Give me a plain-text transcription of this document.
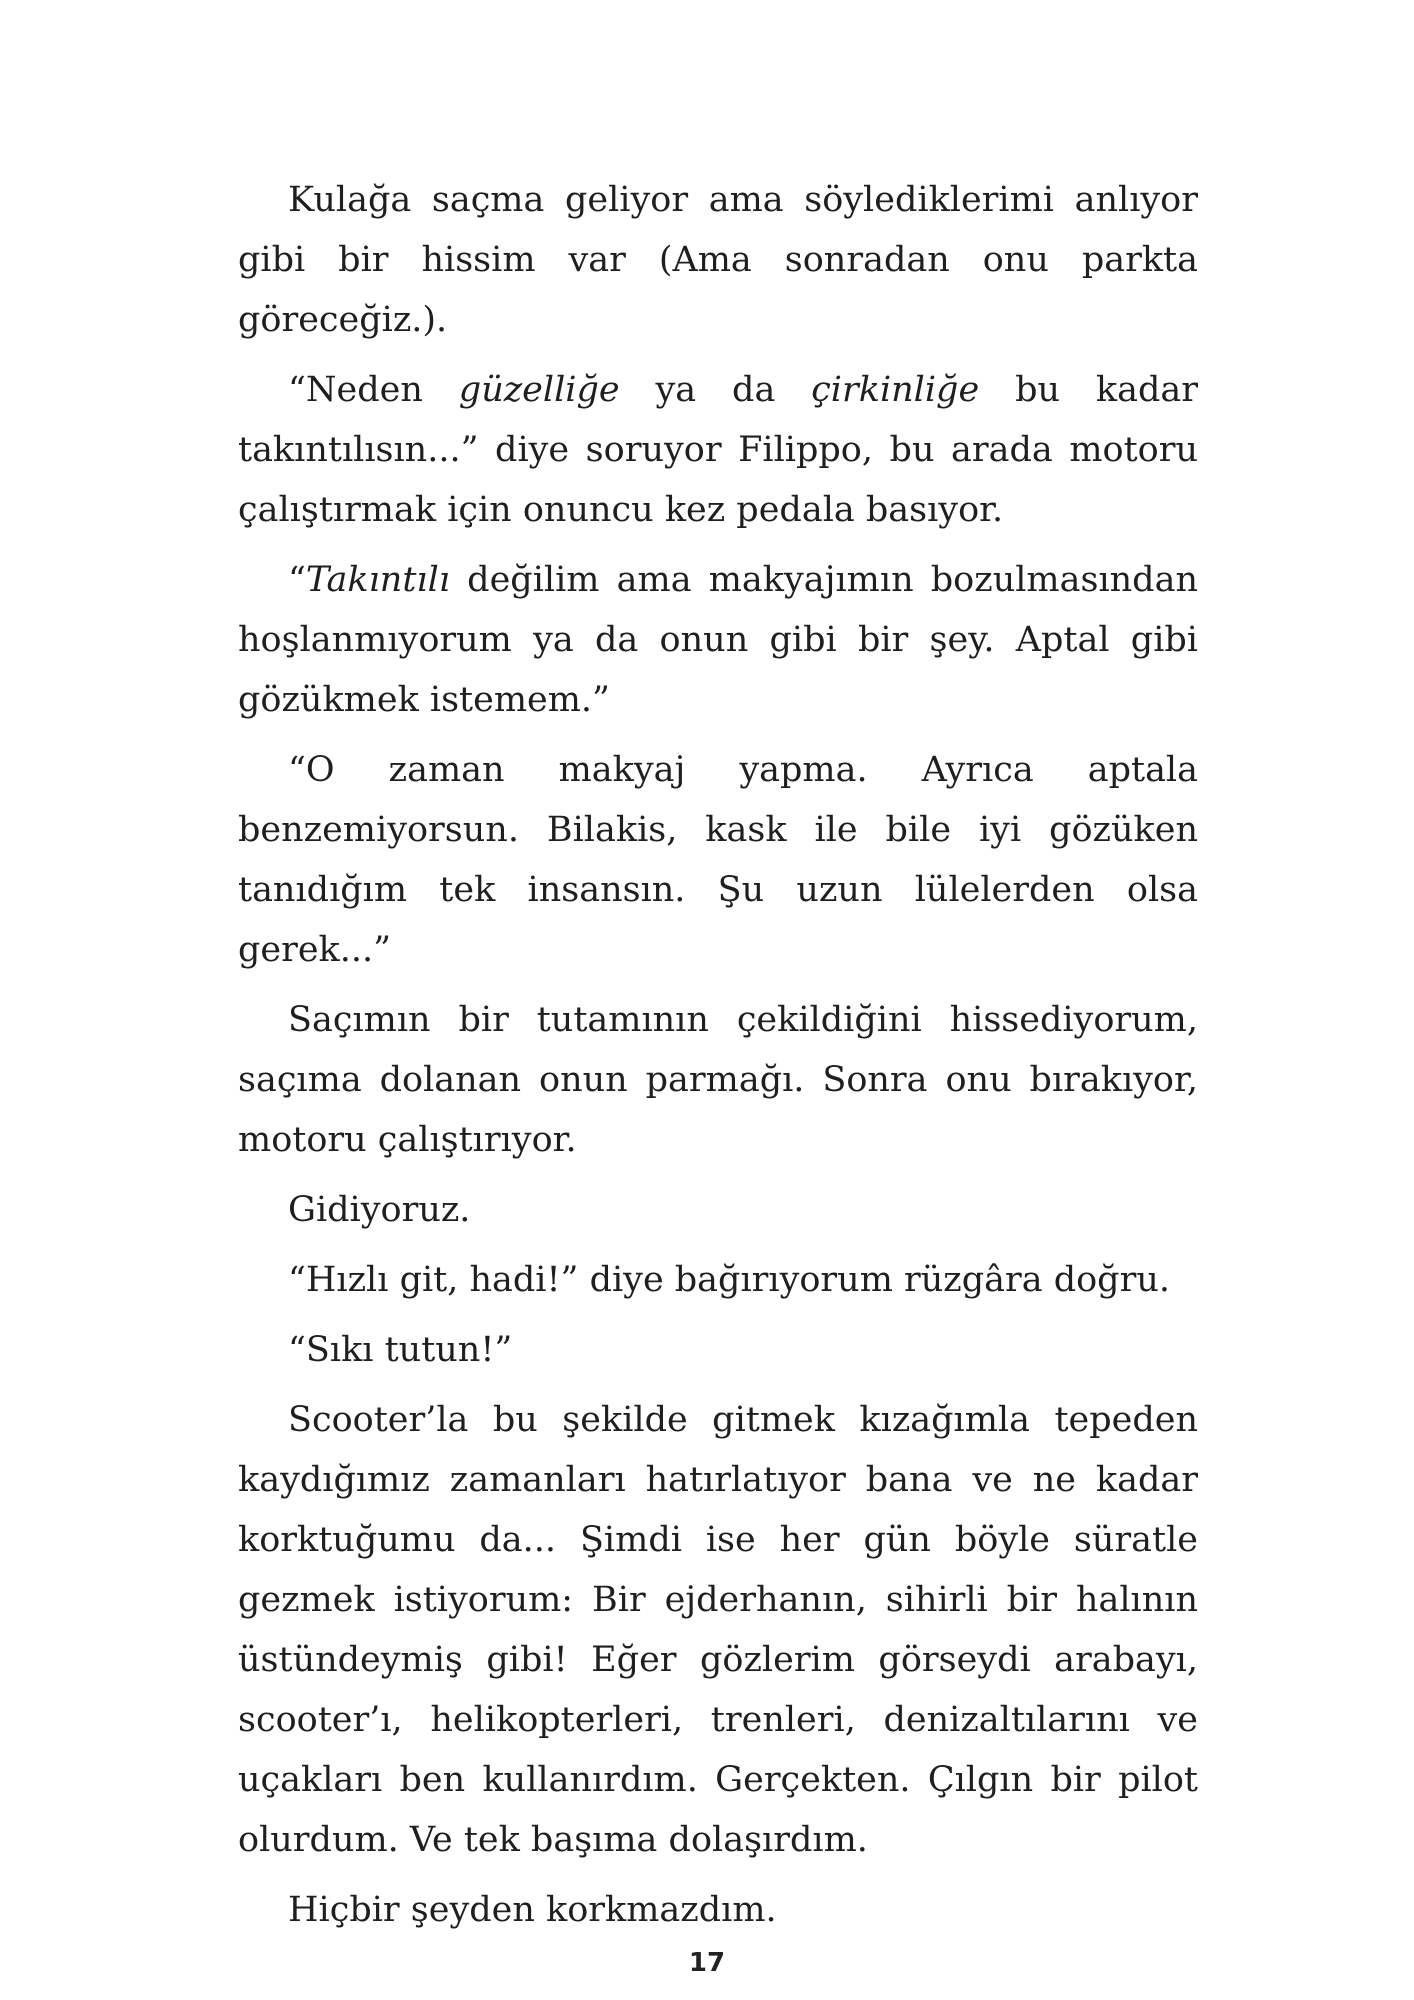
Kulağa saçma geliyor ama söylediklerimi anlıyor gibi bir hissim var (Ama sonradan onu parkta göreceğiz.).

“Neden güzelliğe ya da çirkinliğe bu kadar takıntılısın...” diye soruyor Filippo, bu arada motoru çalıştırmak için onuncu kez pedala basıyor.

“Takıntılı değilim ama makyajımın bozulmasından hoşlanmıyorum ya da onun gibi bir şey. Aptal gibi gözükmek istemem.”

“O zaman makyaj yapma. Ayrıca aptala benzemiyorsun. Bilakis, kask ile bile iyi gözüken tanıdığım tek insansın. Şu uzun lülelerden olsa gerek...”

Saçımın bir tutamının çekildiğini hissediyorum, saçıma dolanan onun parmağı. Sonra onu bırakıyor, motoru çalıştırıyor.

Gidiyoruz.

“Hızlı git, hadi!” diye bağırıyorum rüzgâra doğru.

“Sıkı tutun!”

Scooter’la bu şekilde gitmek kızağımla tepeden kaydığımız zamanları hatırlatıyor bana ve ne kadar korktuğumu da... Şimdi ise her gün böyle süratle gezmek istiyorum: Bir ejderhanın, sihirli bir halının üstündeymiş gibi! Eğer gözlerim görseydi arabayı, scooter’ı, helikopterleri, trenleri, denizaltılarını ve uçakları ben kullanırdım. Gerçekten. Çılgın bir pilot olurdum. Ve tek başıma dolaşırdım.

Hiçbir şeyden korkmazdım.

17
